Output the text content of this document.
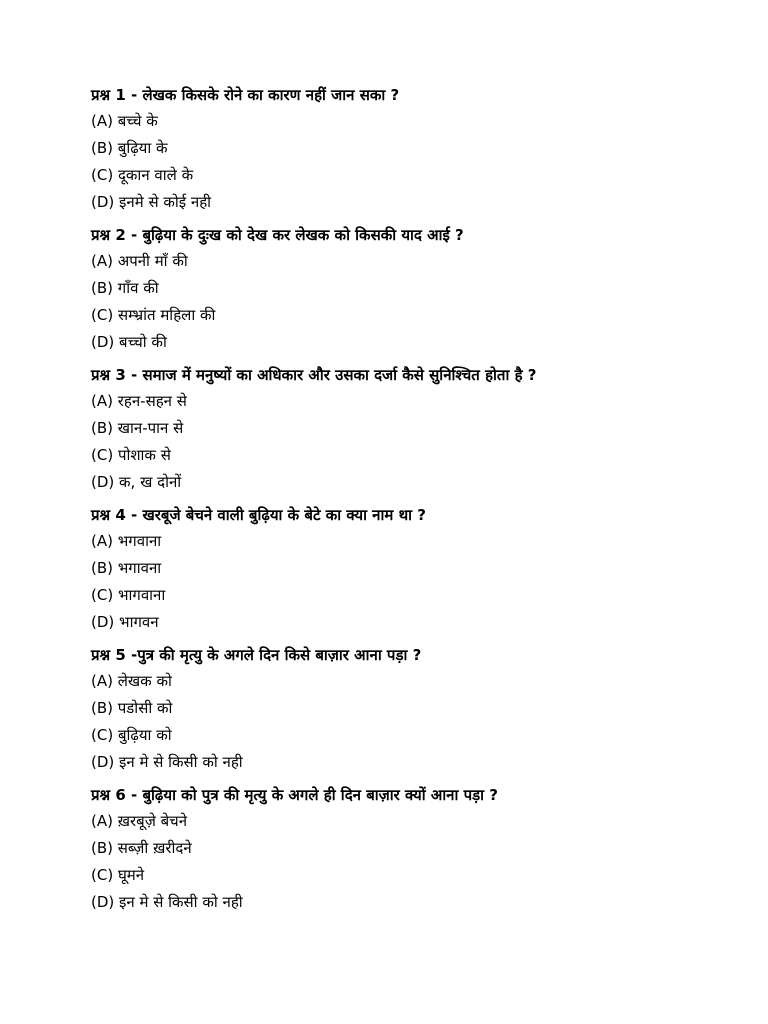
प्रश्न 1 - लेखक किसके रोने का कारण नहीं जान सका ?
(A) बच्चे के
(B) बुढ़िया के
(C) दूकान वाले के
(D) इनमे से कोई नही
प्रश्न 2 - बुढ़िया के दुःख को देख कर लेखक को किसकी याद आई ?
(A) अपनी माँ की
(B) गाँव की
(C) सम्भ्रांत महिला की
(D) बच्चो की
प्रश्न 3 - समाज में मनुष्यों का अधिकार और उसका दर्जा कैसे सुनिश्चित होता है ?
(A) रहन-सहन से
(B) खान-पान से
(C) पोशाक से
(D) क, ख दोनों
प्रश्न 4 - खरबूजे बेचने वाली बुढ़िया के बेटे का क्या नाम था ?
(A) भगवाना
(B) भगावना
(C) भागवाना
(D) भागवन
प्रश्न 5 -पुत्र की मृत्यु के अगले दिन किसे बाज़ार आना पड़ा ?
(A) लेखक को
(B) पडोसी को
(C) बुढ़िया को
(D) इन मे से किसी को नही
प्रश्न 6 - बुढ़िया को पुत्र की मृत्यु के अगले ही दिन बाज़ार क्यों आना पड़ा ?
(A) ख़रबूज़े बेचने
(B) सब्ज़ी ख़रीदने
(C) घूमने
(D) इन मे से किसी को नही
